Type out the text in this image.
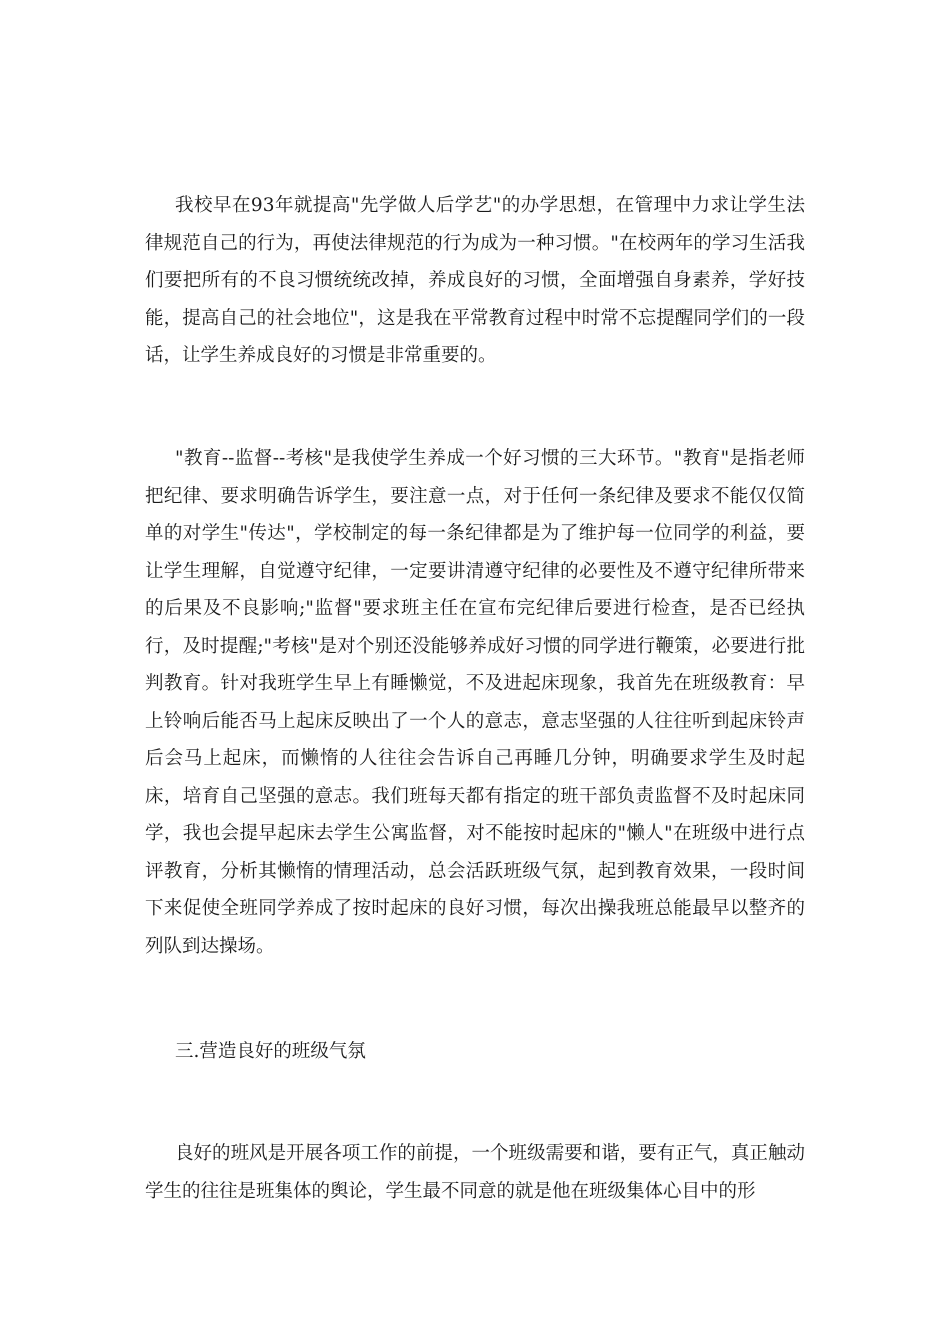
我校早在93年就提高"先学做人后学艺"的办学思想，在管理中力求让学生法律规范自己的行为，再使法律规范的行为成为一种习惯。"在校两年的学习生活我们要把所有的不良习惯统统改掉，养成良好的习惯，全面增强自身素养，学好技能，提高自己的社会地位"，这是我在平常教育过程中时常不忘提醒同学们的一段话，让学生养成良好的习惯是非常重要的。

"教育--监督--考核"是我使学生养成一个好习惯的三大环节。"教育"是指老师把纪律、要求明确告诉学生，要注意一点，对于任何一条纪律及要求不能仅仅简单的对学生"传达"，学校制定的每一条纪律都是为了维护每一位同学的利益，要让学生理解，自觉遵守纪律，一定要讲清遵守纪律的必要性及不遵守纪律所带来的后果及不良影响;"监督"要求班主任在宣布完纪律后要进行检查，是否已经执行，及时提醒;"考核"是对个别还没能够养成好习惯的同学进行鞭策，必要进行批判教育。针对我班学生早上有睡懒觉，不及进起床现象，我首先在班级教育：早上铃响后能否马上起床反映出了一个人的意志，意志坚强的人往往听到起床铃声后会马上起床，而懒惰的人往往会告诉自己再睡几分钟，明确要求学生及时起床，培育自己坚强的意志。我们班每天都有指定的班干部负责监督不及时起床同学，我也会提早起床去学生公寓监督，对不能按时起床的"懒人"在班级中进行点评教育，分析其懒惰的情理活动，总会活跃班级气氛，起到教育效果，一段时间下来促使全班同学养成了按时起床的良好习惯，每次出操我班总能最早以整齐的列队到达操场。

三.营造良好的班级气氛

良好的班风是开展各项工作的前提，一个班级需要和谐，要有正气，真正触动学生的往往是班集体的舆论，学生最不同意的就是他在班级集体心目中的形
